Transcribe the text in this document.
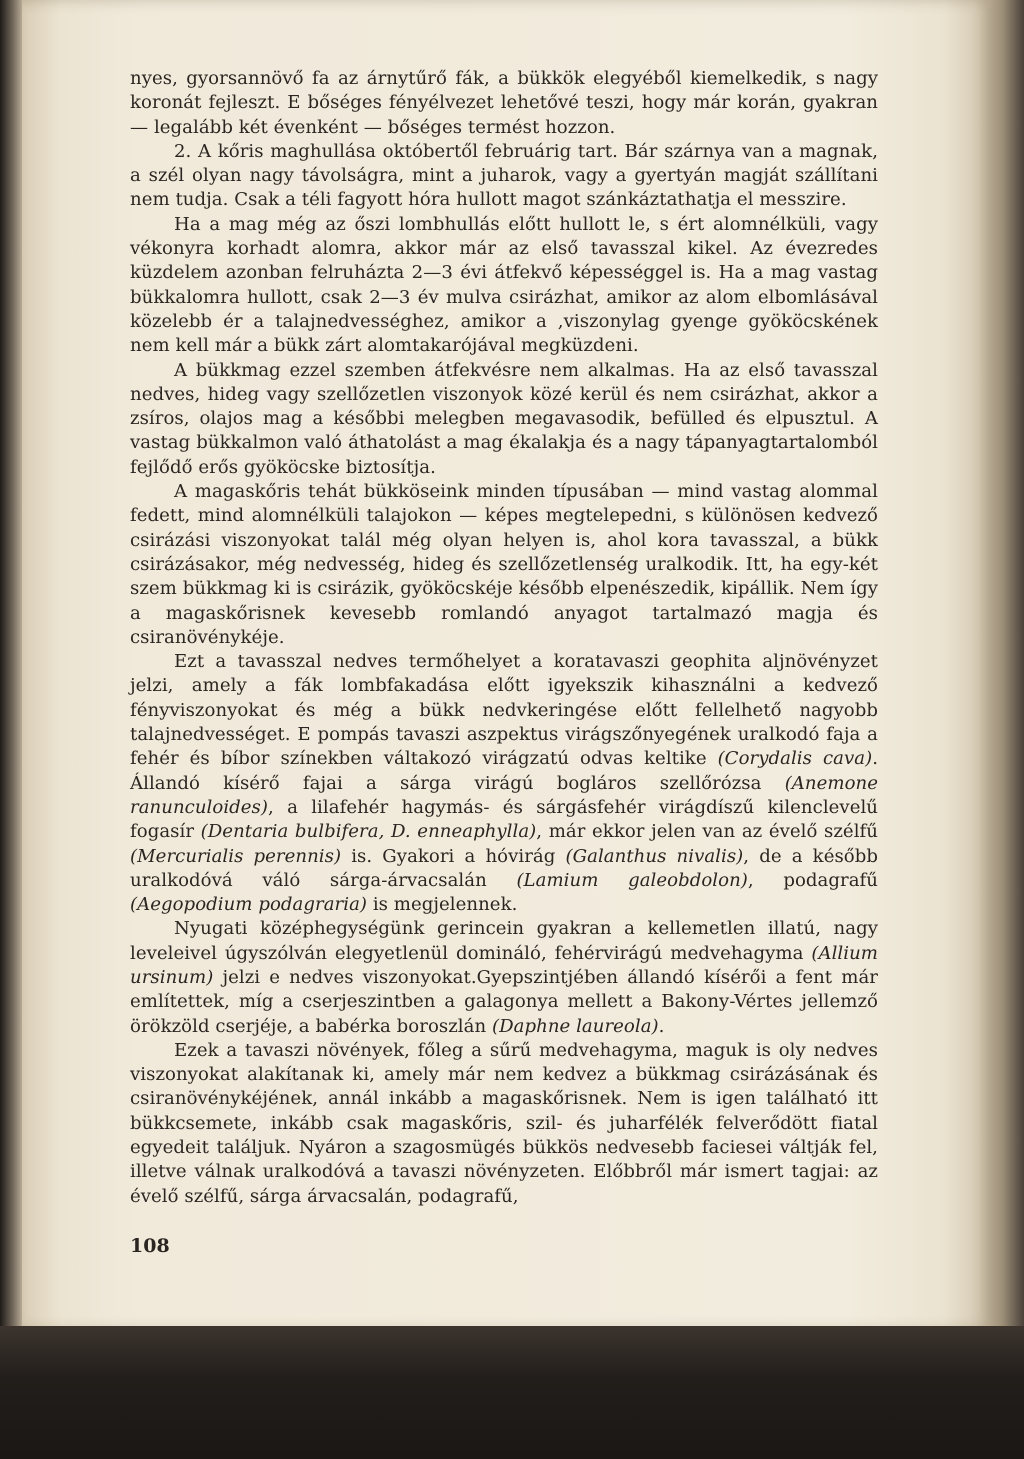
nyes, gyorsannövő fa az árnytűrő fák, a bükkök elegyéből kiemelkedik, s nagy koronát fejleszt. E bőséges fényélvezet lehetővé teszi, hogy már korán, gyakran — legalább két évenként — bőséges termést hozzon.

2. A kőris maghullása októbertől februárig tart. Bár szárnya van a magnak, a szél olyan nagy távolságra, mint a juharok, vagy a gyertyán magját szállítani nem tudja. Csak a téli fagyott hóra hullott magot szánkáztathatja el messzire.

Ha a mag még az őszi lombhullás előtt hullott le, s ért alomnélküli, vagy vékonyra korhadt alomra, akkor már az első tavasszal kikel. Az évezredes küzdelem azonban felruházta 2—3 évi átfekvő képességgel is. Ha a mag vastag bükkalomra hullott, csak 2—3 év mulva csirázhat, amikor az alom elbomlásával közelebb ér a talajnedvességhez, amikor a ,viszonylag gyenge gyököcskének nem kell már a bükk zárt alomtakarójával megküzdeni.

A bükkmag ezzel szemben átfekvésre nem alkalmas. Ha az első tavasszal nedves, hideg vagy szellőzetlen viszonyok közé kerül és nem csirázhat, akkor a zsíros, olajos mag a későbbi melegben megavasodik, befülled és elpusztul. A vastag bükkalmon való áthatolást a mag ékalakja és a nagy tápanyagtartalomból fejlődő erős gyököcske biztosítja.

A magaskőris tehát bükköseink minden típusában — mind vastag alommal fedett, mind alomnélküli talajokon — képes megtelepedni, s különösen kedvező csirázási viszonyokat talál még olyan helyen is, ahol kora tavasszal, a bükk csirázásakor, még nedvesség, hideg és szellőzetlenség uralkodik. Itt, ha egy-két szem bükkmag ki is csirázik, gyököcskéje később elpenészedik, kipállik. Nem így a magaskőrisnek kevesebb romlandó anyagot tartalmazó magja és csiranövénykéje.

Ezt a tavasszal nedves termőhelyet a koratavaszi geophita aljnövényzet jelzi, amely a fák lombfakadása előtt igyekszik kihasználni a kedvező fényviszonyokat és még a bükk nedvkeringése előtt fellelhető nagyobb talajnedvességet. E pompás tavaszi aszpektus virágszőnyegének uralkodó faja a fehér és bíbor színekben váltakozó virágzatú odvas keltike (Corydalis cava). Állandó kísérő fajai a sárga virágú bogláros szellőrózsa (Anemone ranunculoides), a lilafehér hagymás- és sárgásfehér virágdíszű kilenclevelű fogasír (Dentaria bulbifera, D. enneaphylla), már ekkor jelen van az évelő szélfű (Mercurialis perennis) is. Gyakori a hóvirág (Galanthus nivalis), de a később uralkodóvá váló sárga-árvacsalán (Lamium galeobdolon), podagrafű (Aegopodium podagraria) is megjelennek.

Nyugati középhegységünk gerincein gyakran a kellemetlen illatú, nagy leveleivel úgyszólván elegyetlenül domináló, fehérvirágú medvehagyma (Allium ursinum) jelzi e nedves viszonyokat.Gyepszintjében állandó kísérői a fent már említettek, míg a cserjeszintben a galagonya mellett a Bakony-Vértes jellemző örökzöld cserjéje, a babérka boroszlán (Daphne laureola).

Ezek a tavaszi növények, főleg a sűrű medvehagyma, maguk is oly nedves viszonyokat alakítanak ki, amely már nem kedvez a bükkmag csirázásának és csiranövénykéjének, annál inkább a magaskőrisnek. Nem is igen található itt bükkcsemete, inkább csak magaskőris, szil- és juharfélék felverődött fiatal egyedeit találjuk. Nyáron a szagosmügés bükkös nedvesebb faciesei váltják fel, illetve válnak uralkodóvá a tavaszi növényzeten. Előbbről már ismert tagjai: az évelő szélfű, sárga árvacsalán, podagrafű,

108
